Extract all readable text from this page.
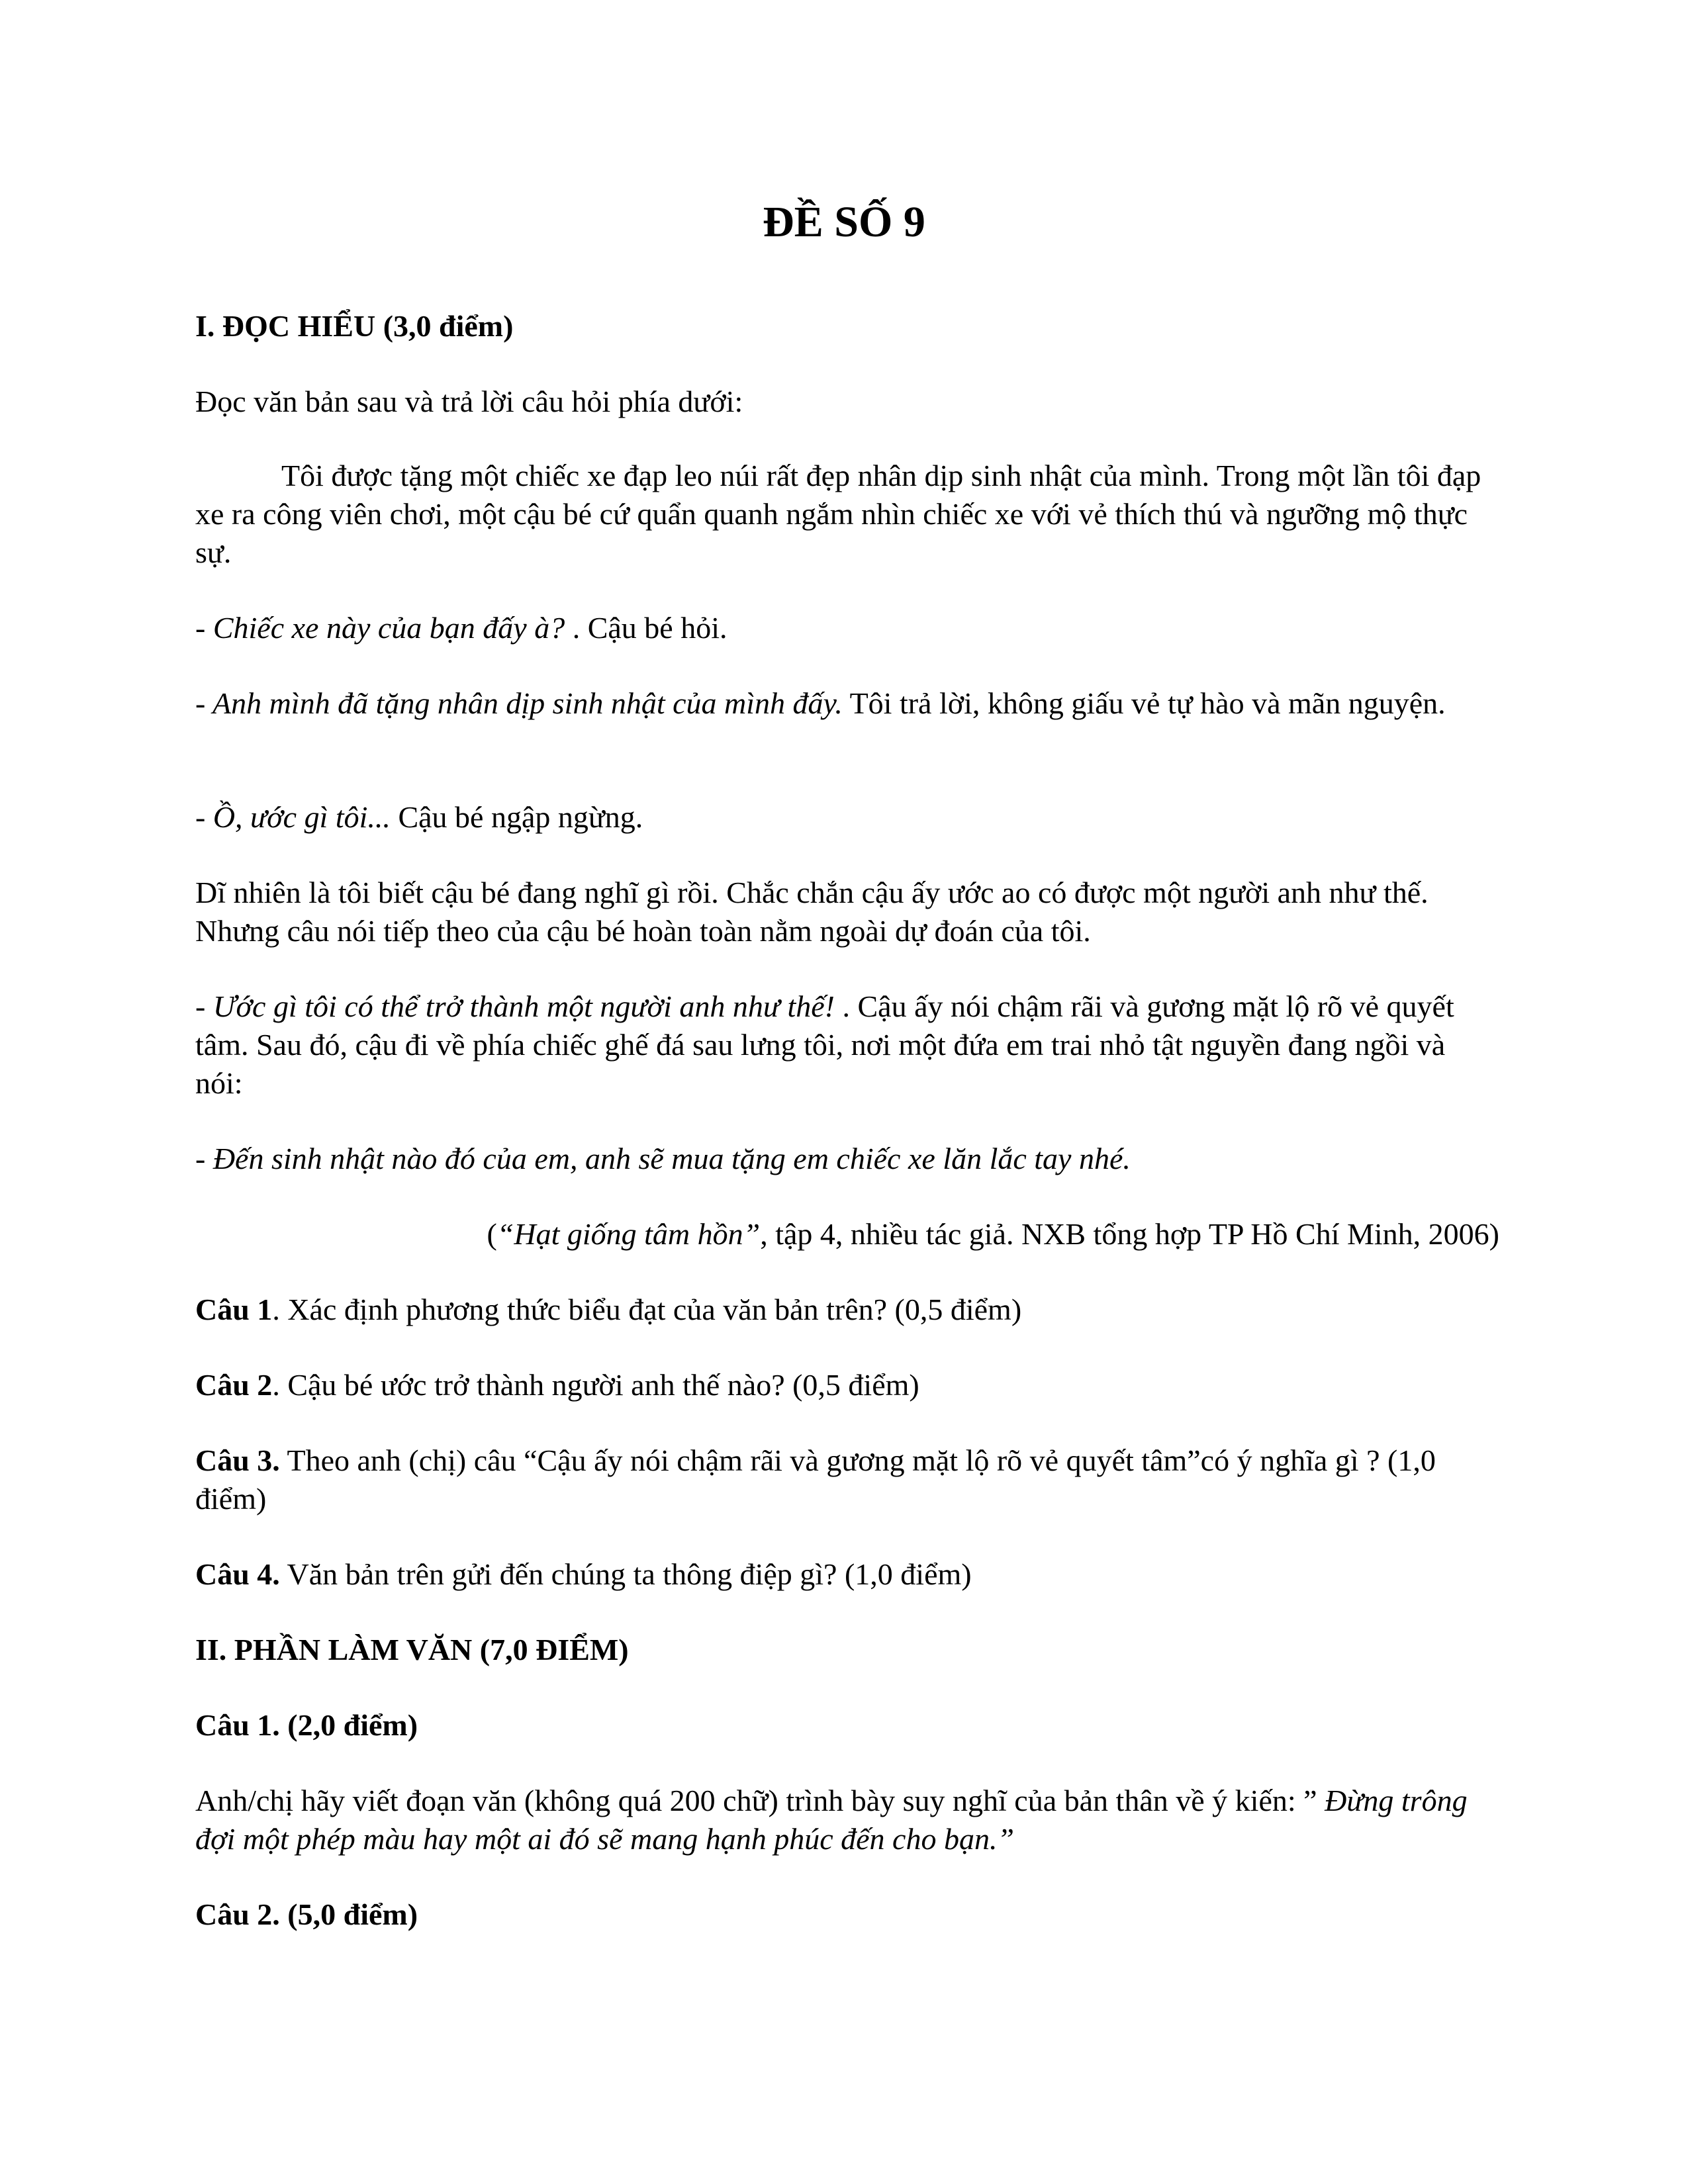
ĐỀ SỐ 9

I. ĐỌC HIỂU (3,0 điểm)

Đọc văn bản sau và trả lời câu hỏi phía dưới:

Tôi được tặng một chiếc xe đạp leo núi rất đẹp nhân dịp sinh nhật của mình. Trong một lần tôi đạp xe ra công viên chơi, một cậu bé cứ quẩn quanh ngắm nhìn chiếc xe với vẻ thích thú và ngưỡng mộ thực sự.

- Chiếc xe này của bạn đấy à? . Cậu bé hỏi.

- Anh mình đã tặng nhân dịp sinh nhật của mình đấy. Tôi trả lời, không giấu vẻ tự hào và mãn nguyện.

- Ồ, ước gì tôi... Cậu bé ngập ngừng.

Dĩ nhiên là tôi biết cậu bé đang nghĩ gì rồi. Chắc chắn cậu ấy ước ao có được một người anh như thế. Nhưng câu nói tiếp theo của cậu bé hoàn toàn nằm ngoài dự đoán của tôi.

- Ước gì tôi có thể trở thành một người anh như thế! . Cậu ấy nói chậm rãi và gương mặt lộ rõ vẻ quyết tâm. Sau đó, cậu đi về phía chiếc ghế đá sau lưng tôi, nơi một đứa em trai nhỏ tật nguyền đang ngồi và nói:

- Đến sinh nhật nào đó của em, anh sẽ mua tặng em chiếc xe lăn lắc tay nhé.

(“Hạt giống tâm hồn”, tập 4, nhiều tác giả. NXB tổng hợp TP Hồ Chí Minh, 2006)

Câu 1. Xác định phương thức biểu đạt của văn bản trên? (0,5 điểm)

Câu 2. Cậu bé ước trở thành người anh thế nào? (0,5 điểm)

Câu 3. Theo anh (chị) câu “Cậu ấy nói chậm rãi và gương mặt lộ rõ vẻ quyết tâm”có ý nghĩa gì ? (1,0 điểm)

Câu 4. Văn bản trên gửi đến chúng ta thông điệp gì? (1,0 điểm)

II. PHẦN LÀM VĂN (7,0 ĐIỂM)

Câu 1. (2,0 điểm)

Anh/chị hãy viết đoạn văn (không quá 200 chữ) trình bày suy nghĩ của bản thân về ý kiến: ” Đừng trông đợi một phép màu hay một ai đó sẽ mang hạnh phúc đến cho bạn.”

Câu 2. (5,0 điểm)
